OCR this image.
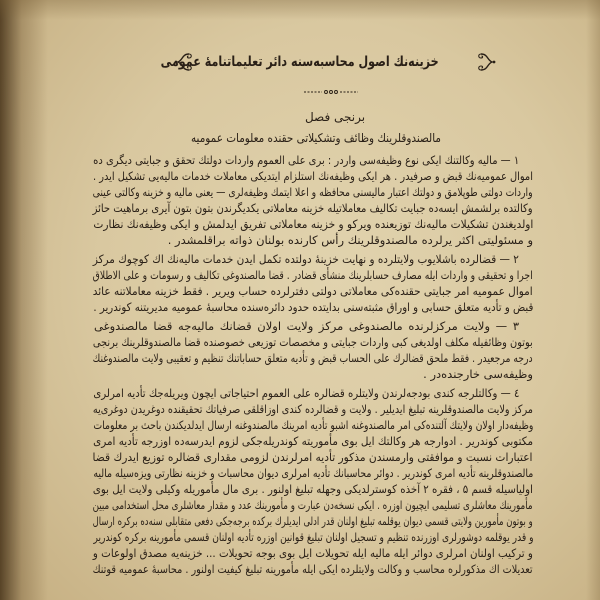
خزینه‌نك اصول محاسبه‌سنه دائر تعلیماتنامهٔ عمومی
برنجی فصل
مالصندوقلرینك وظائف وتشکیلاتی حقنده معلومات عمومیه
١ — مالیه وکالتنك ایکی نوع وظیفه‌سی واردر : بری علی العموم واردات دولتك تحقق و جبایتی دیگری ده
اموال عمومیه‌نك قبض و صرفیدر . هر ایکی وظیفه‌نك استلزام ایتدیکی معاملات خدمات مالیه‌یی تشکیل ایدر .
واردات دولتی طوپلامق و دولتك اعتبار مالیسنی محافظه و اعلا ایتمك وظیفه‌لری — یعنی مالیه و خزینه وکالتی عینی
وکالتده برلشمش ایسه‌ده جبایت تکالیف معاملاتیله خزینه معاملاتی یکدیگرندن بتون بتون آیری برماهیت حائز
اولدیغندن تشکیلات مالیه‌نك توزیعنده ویرکو و خزینه معاملاتی تفریق ایدلمش و ایکی وظیفه‌نك نظارت
و مسئولیتی اکثر یرلرده مالصندوقلرینك رأس کارنده بولنان ذواته براقلمشدر .
٢ — قضالرده باشلایوب ولایتلرده و نهایت خزینهٔ دولتده تکمل ایدن خدمات مالیه‌نك اك کوچوك مرکز
اجرا و تحقیقی و واردات ایله مصارف حسابلرینك منشأی قضادر . قضا مالصندوغی تکالیف و رسومات و علی الاطلاق
اموال عمومیه امر جبایتی حقنده‌کی معاملاتی دولتی دفترلرده حساب ویریر . فقط خزینه معاملاتنه عائد
قبض و تأدیه متعلق حسابی و اوراق مثبته‌سنی بدایتده حدود دائره‌سنده محاسبهٔ عمومیه مدیریتنه کوندریر .
٣ — ولایت مرکزلرنده مالصندوغی مرکز ولایت اولان قضانك مالیه‌جه قضا مالصندوغی
بوتون وظائفیله مکلف اولدیغی کبی واردات جبایتی و مخصصات توزیعی خصوصنده قضا مالصندوقلرینك برنجی
درجه مرجعیدر . فقط ملحق قضالرك علی الحساب قبض و تأدیه متعلق حساباتنك تنظیم و تعقیبی ولایت مالصندوغنك
وظیفه‌سی خارجنده‌در .
٤ — وکالتلرجه کندی بودجه‌لرندن ولایتلره قضالره علی العموم احتیاجاتی ایچون ویریله‌جك تأدیه امرلری
مرکز ولایت مالصندوقلرینه تبلیغ ایدیلیر . ولایت و قضالرده کندی اوزاقلقی صرفیاتك تحقیقنده دوغریدن دوغری‌یه
وظیفه‌دار اولان ولایتك آلتنده‌کی امر مالصندوغنه اشبو تأدیه امرینك مالصندوغنه ارسال ایدلدیکندن باحث بر معلومات
مکتوبی کوندریر . ادوارجه هر وکالتك ایل بوی مأموریته کوندریله‌جکی لزوم ایدرسه‌ده اوزرجه تأدیه امری
اعتبارات نسبت و موافقتی وارمسندن مذکور تأدیه امرلرندن لزومی مقداری قضالره توزیع ایدرك قضا
مالصندوقلرینه تأدیه امری کوندریر . دوائر محاسبانك تأدیه امرلری دیوان محاسبات و خزینه نظارتی ویزه‌سیله مالیه
اولیاسیله قسم ۵ ، فقره ۲ آخذه کوسترلدیکی وجهله تبلیغ اولنور . بری مال مأموریله وکیلی ولایت ایل بوی
مأمورینك معاشلری تسلیمی ایچیون اوزره . ایکی نسخه‌دن عبارت و مأمورینك عدد و مقدار معاشلری محل استخدامی مبین
و بوتون مأمورین ولایتی قسمی دیوان یوقلمه تبلیغ اولنان قدر ادلی ایدیلرك برکده برجه‌جکی دفعی متقابلی سنه‌ده برکره ارسال
و قدر یوقلمه دوشورلری اوزرنده تنظیم و تسجیل اولنان تبلیغ قوانین اوزره تأدیه اولنان قسمی مأمورینه برکره کوندریر
و ترکیب اولنان امرلری دوائر ایله مالیه ایله تحویلات ایل بوی بوجه تحویلات ... خزینه‌یه مصدق اولوعات و
تعدیلات اك مذکورلره محاسب و وکالت ولایتلرده ایکی ایله مأمورینه تبلیغ کیفیت اولنور . محاسبهٔ عمومیه قوتنك
